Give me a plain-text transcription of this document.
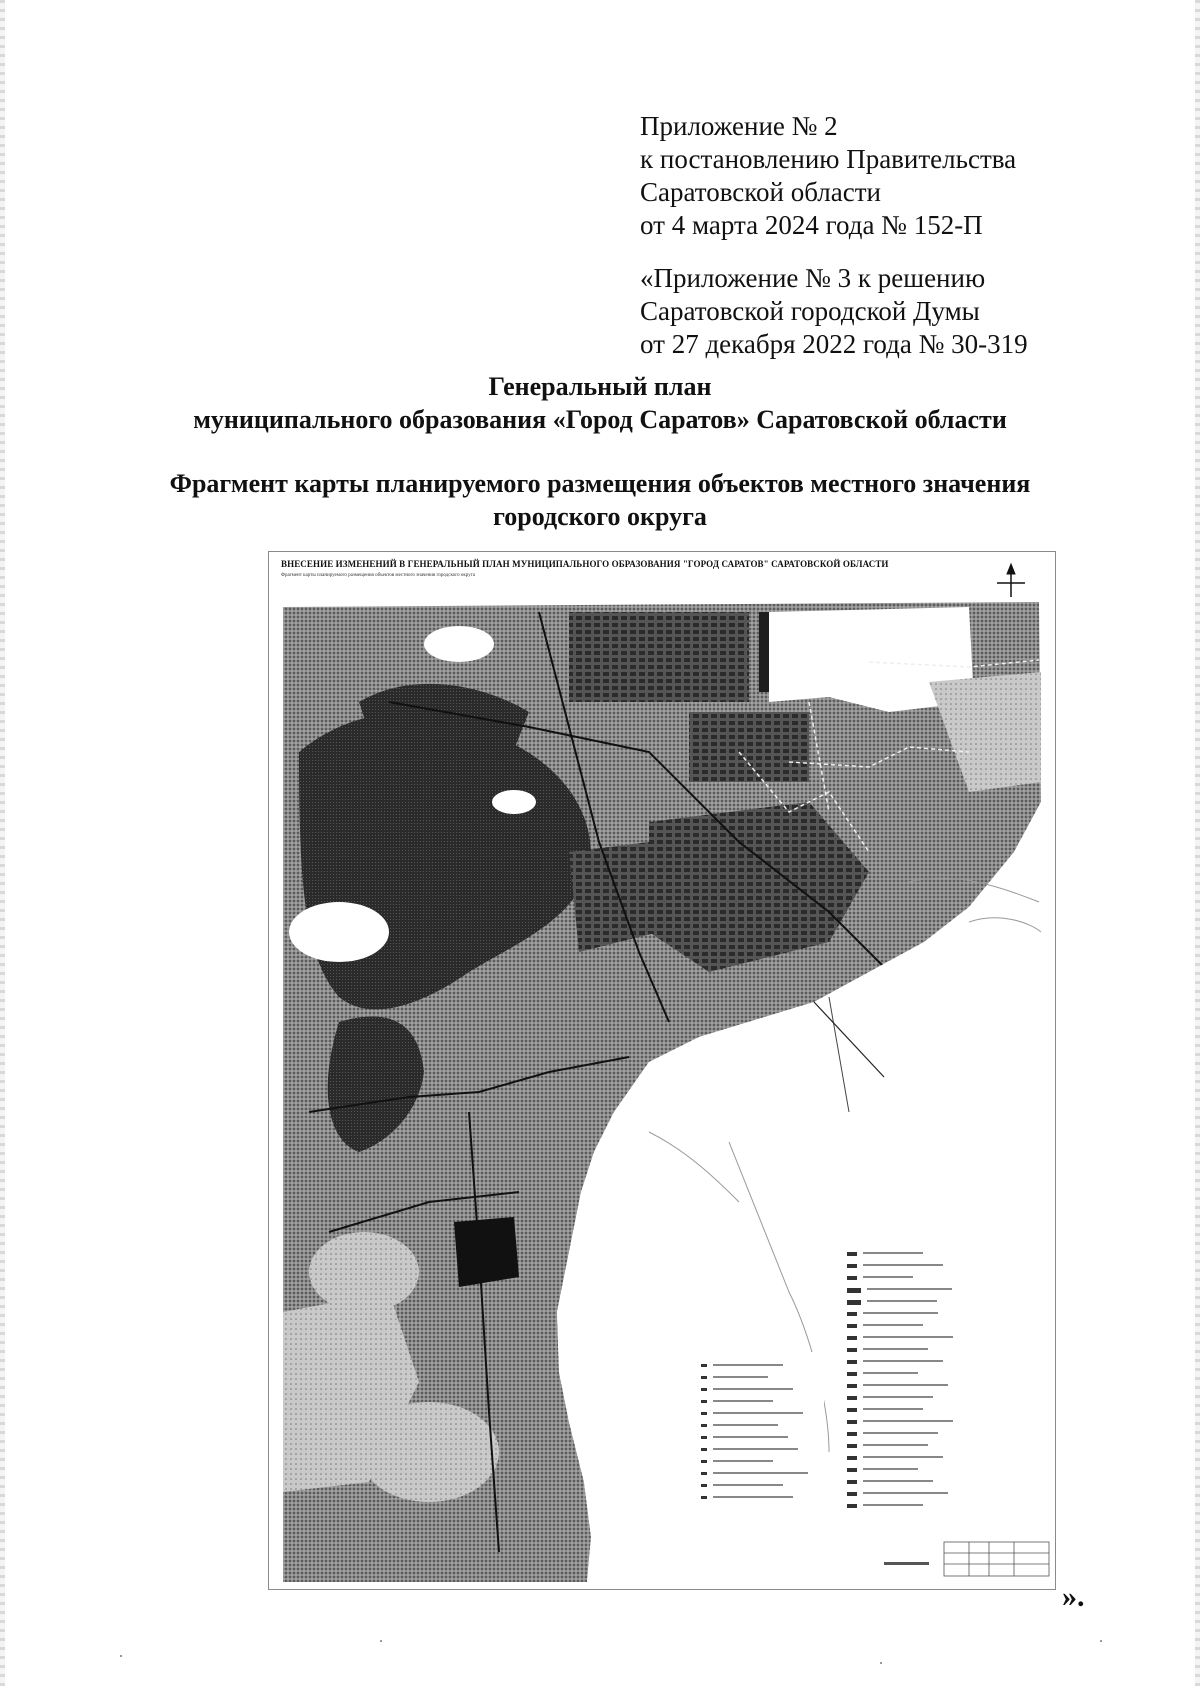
Приложение № 2
к постановлению Правительства
Саратовской области
от 4 марта 2024 года № 152-П
«Приложение № 3 к решению
Саратовской городской Думы
от 27 декабря 2022 года № 30-319
Генеральный план
муниципального образования «Город Саратов» Саратовской области
Фрагмент карты планируемого размещения объектов местного значения
городского округа
ВНЕСЕНИЕ ИЗМЕНЕНИЙ В ГЕНЕРАЛЬНЫЙ ПЛАН МУНИЦИПАЛЬНОГО ОБРАЗОВАНИЯ "ГОРОД САРАТОВ" САРАТОВСКОЙ ОБЛАСТИ
Фрагмент карты планируемого размещения объектов местного значения городского округа
».
